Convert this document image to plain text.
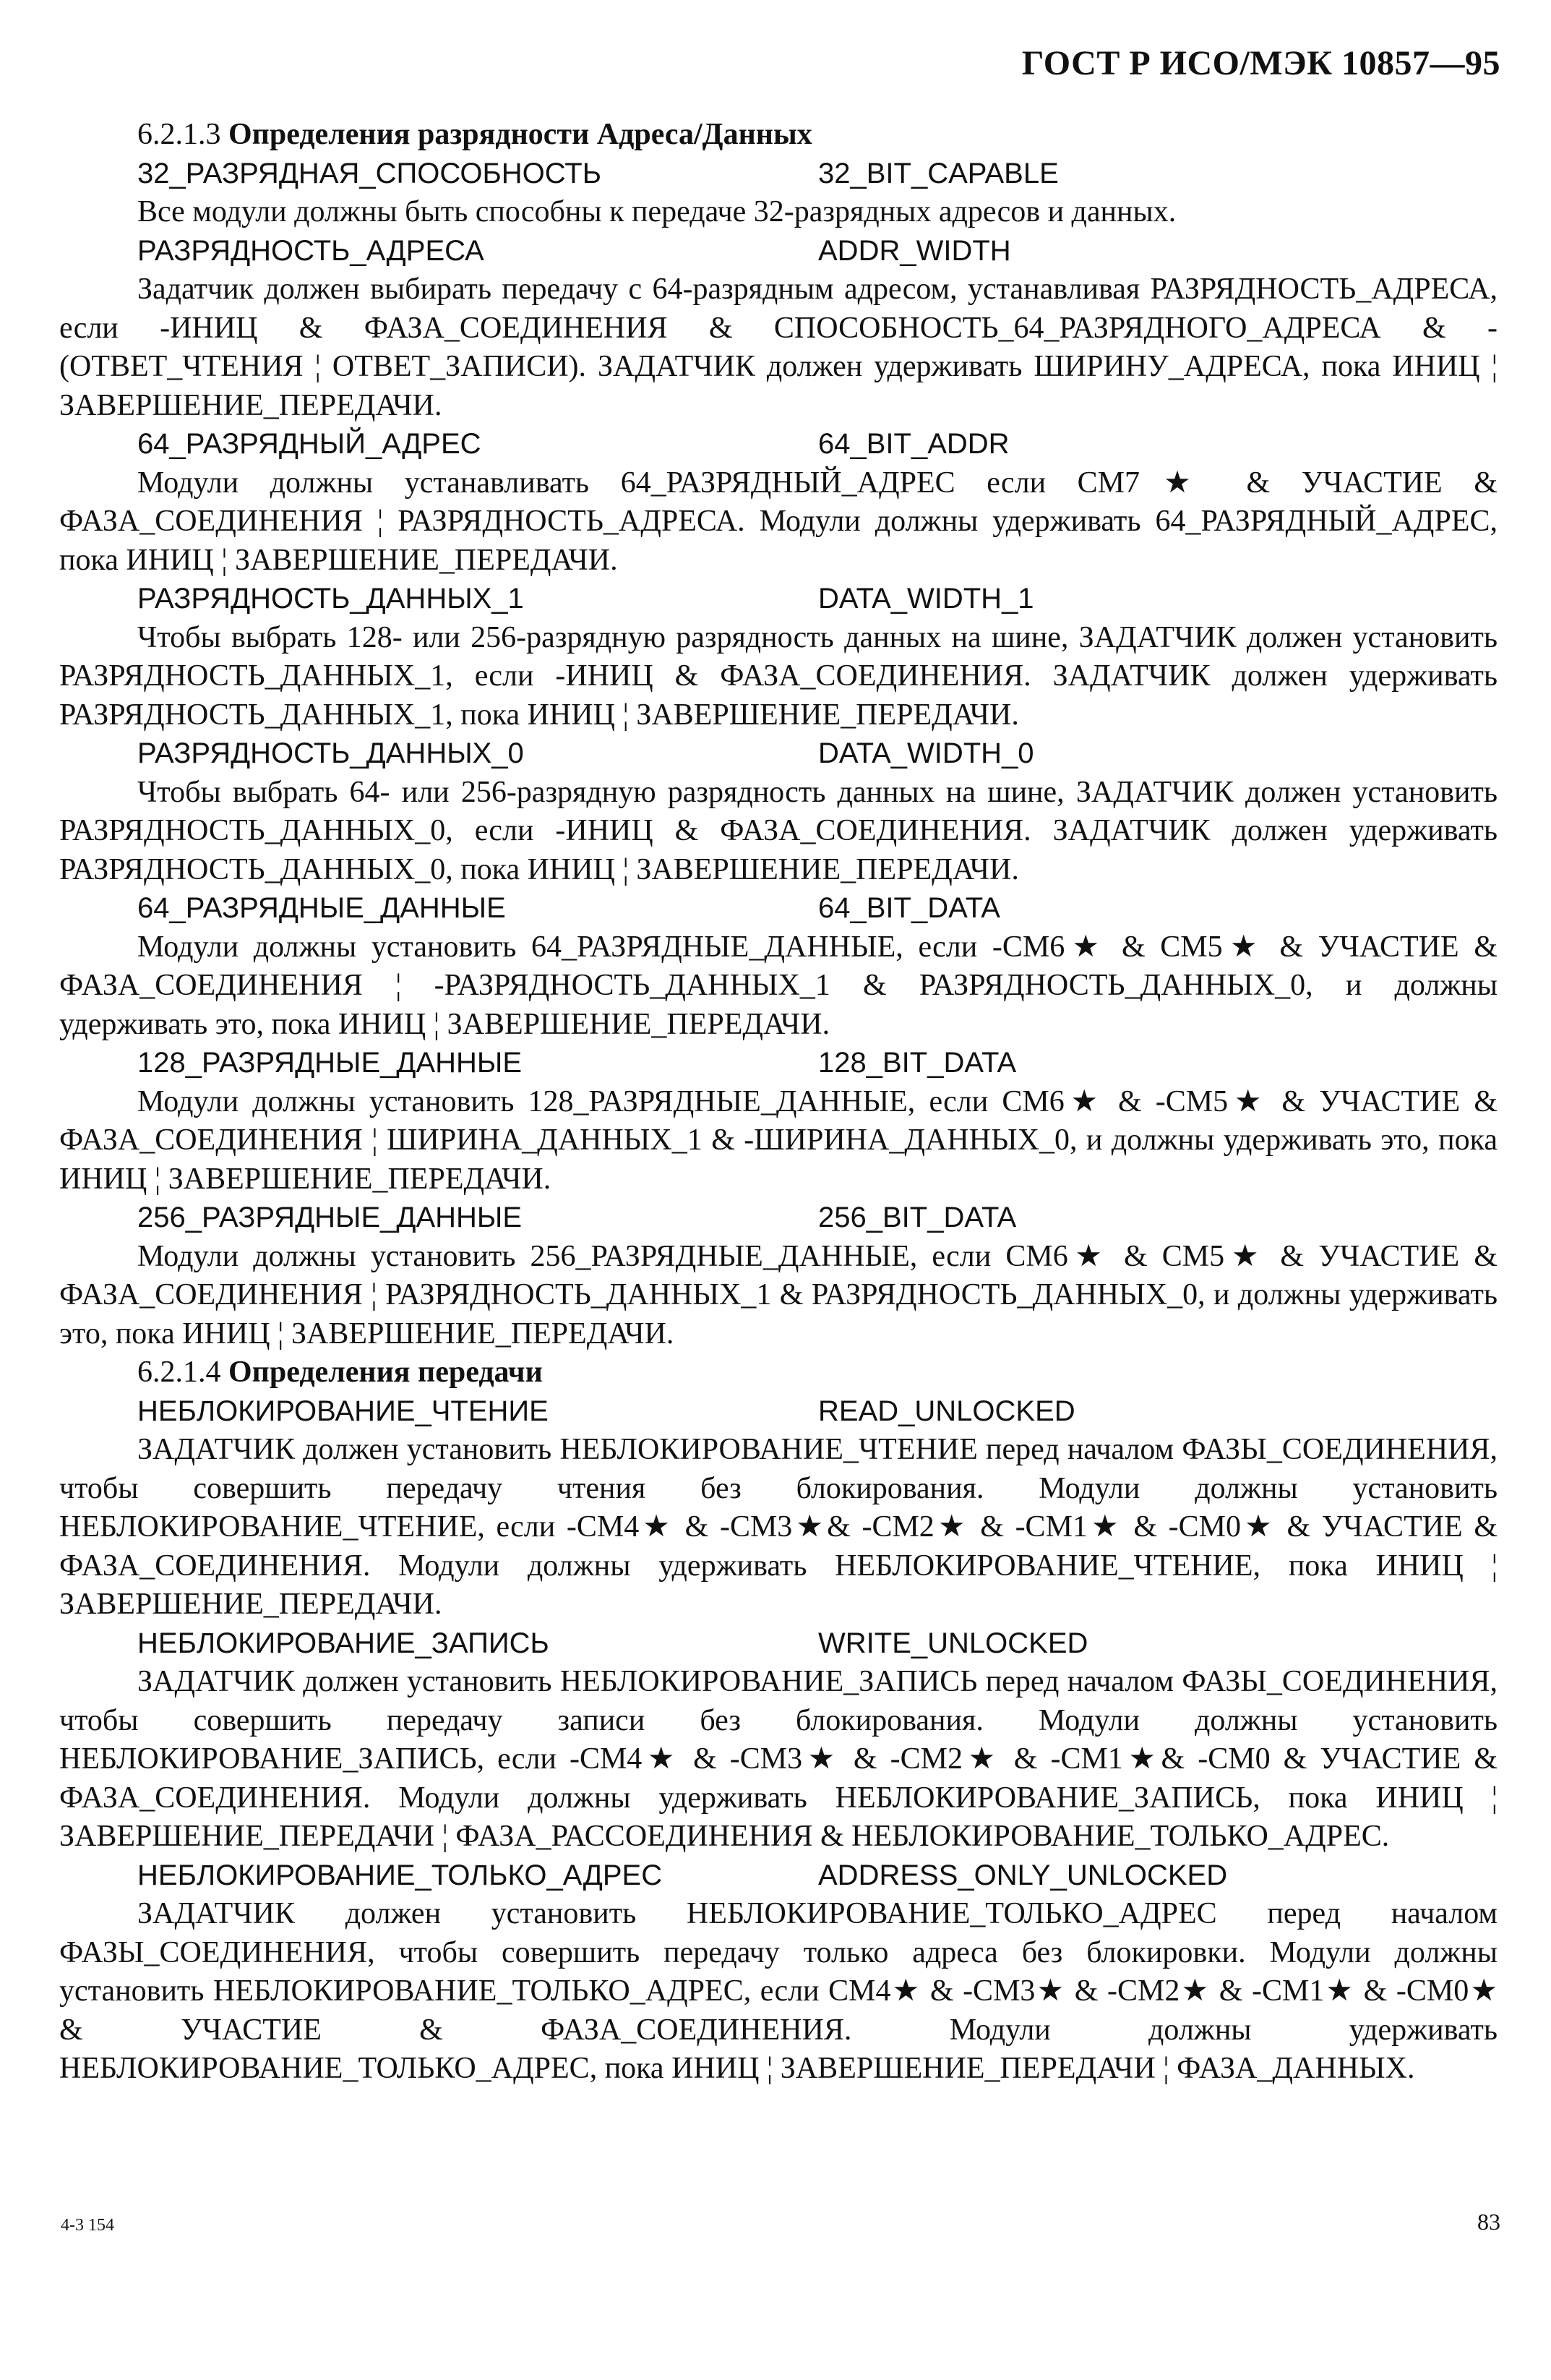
ГОСТ Р ИСО/МЭК 10857—95

6.2.1.3 Определения разрядности Адреса/Данных

32_РАЗРЯДНАЯ_СПОСОБНОСТЬ	32_BIT_CAPABLE

Все модули должны быть способны к передаче 32-разрядных адресов и данных.

РАЗРЯДНОСТЬ_АДРЕСА	ADDR_WIDTH

Задатчик должен выбирать передачу с 64-разрядным адресом, устанавливая РАЗРЯДНОСТЬ_АДРЕСА, если -ИНИЦ & ФАЗА_СОЕДИНЕНИЯ & СПОСОБНОСТЬ_64_РАЗРЯДНОГО_АДРЕСА & -(ОТВЕТ_ЧТЕНИЯ ¦ ОТВЕТ_ЗАПИСИ). ЗАДАТЧИК должен удерживать ШИРИНУ_АДРЕСА, пока ИНИЦ ¦ ЗАВЕРШЕНИЕ_ПЕРЕДАЧИ.

64_РАЗРЯДНЫЙ_АДРЕС	64_BIT_ADDR

Модули должны устанавливать 64_РАЗРЯДНЫЙ_АДРЕС если СМ7★ & УЧАСТИЕ & ФАЗА_СОЕДИНЕНИЯ ¦ РАЗРЯДНОСТЬ_АДРЕСА. Модули должны удерживать 64_РАЗРЯДНЫЙ_АДРЕС, пока ИНИЦ ¦ ЗАВЕРШЕНИЕ_ПЕРЕДАЧИ.

РАЗРЯДНОСТЬ_ДАННЫХ_1	DATA_WIDTH_1

Чтобы выбрать 128- или 256-разрядную разрядность данных на шине, ЗАДАТЧИК должен установить РАЗРЯДНОСТЬ_ДАННЫХ_1, если -ИНИЦ & ФАЗА_СОЕДИНЕНИЯ. ЗАДАТЧИК должен удерживать РАЗРЯДНОСТЬ_ДАННЫХ_1, пока ИНИЦ ¦ ЗАВЕРШЕНИЕ_ПЕРЕДАЧИ.

РАЗРЯДНОСТЬ_ДАННЫХ_0	DATA_WIDTH_0

Чтобы выбрать 64- или 256-разрядную разрядность данных на шине, ЗАДАТЧИК должен установить РАЗРЯДНОСТЬ_ДАННЫХ_0, если -ИНИЦ & ФАЗА_СОЕДИНЕНИЯ. ЗАДАТЧИК должен удерживать РАЗРЯДНОСТЬ_ДАННЫХ_0, пока ИНИЦ ¦ ЗАВЕРШЕНИЕ_ПЕРЕДАЧИ.

64_РАЗРЯДНЫЕ_ДАННЫЕ	64_BIT_DATA

Модули должны установить 64_РАЗРЯДНЫЕ_ДАННЫЕ, если -СМ6★ & СМ5★ & УЧАСТИЕ & ФАЗА_СОЕДИНЕНИЯ ¦ -РАЗРЯДНОСТЬ_ДАННЫХ_1 & РАЗРЯДНОСТЬ_ДАННЫХ_0, и должны удерживать это, пока ИНИЦ ¦ ЗАВЕРШЕНИЕ_ПЕРЕДАЧИ.

128_РАЗРЯДНЫЕ_ДАННЫЕ	128_BIT_DATA

Модули должны установить 128_РАЗРЯДНЫЕ_ДАННЫЕ, если СМ6★ & -СМ5★ & УЧАСТИЕ & ФАЗА_СОЕДИНЕНИЯ ¦ ШИРИНА_ДАННЫХ_1 & -ШИРИНА_ДАННЫХ_0, и должны удерживать это, пока ИНИЦ ¦ ЗАВЕРШЕНИЕ_ПЕРЕДАЧИ.

256_РАЗРЯДНЫЕ_ДАННЫЕ	256_BIT_DATA

Модули должны установить 256_РАЗРЯДНЫЕ_ДАННЫЕ, если СМ6★ & СМ5★ & УЧАСТИЕ & ФАЗА_СОЕДИНЕНИЯ ¦ РАЗРЯДНОСТЬ_ДАННЫХ_1 & РАЗРЯДНОСТЬ_ДАННЫХ_0, и должны удерживать это, пока ИНИЦ ¦ ЗАВЕРШЕНИЕ_ПЕРЕДАЧИ.

6.2.1.4 Определения передачи

НЕБЛОКИРОВАНИЕ_ЧТЕНИЕ	READ_UNLOCKED

ЗАДАТЧИК должен установить НЕБЛОКИРОВАНИЕ_ЧТЕНИЕ перед началом ФАЗЫ_СОЕДИНЕНИЯ, чтобы совершить передачу чтения без блокирования. Модули должны установить НЕБЛОКИРОВАНИЕ_ЧТЕНИЕ, если -СМ4★ & -СМ3★& -СМ2★ & -СМ1★ & -СМ0★ & УЧАСТИЕ & ФАЗА_СОЕДИНЕНИЯ. Модули должны удерживать НЕБЛОКИРОВАНИЕ_ЧТЕНИЕ, пока ИНИЦ ¦ ЗАВЕРШЕНИЕ_ПЕРЕДАЧИ.

НЕБЛОКИРОВАНИЕ_ЗАПИСЬ	WRITE_UNLOCKED

ЗАДАТЧИК должен установить НЕБЛОКИРОВАНИЕ_ЗАПИСЬ перед началом ФАЗЫ_СОЕДИНЕНИЯ, чтобы совершить передачу записи без блокирования. Модули должны установить НЕБЛОКИРОВАНИЕ_ЗАПИСЬ, если -СМ4★ & -СМ3★ & -СМ2★ & -СМ1★& -СМ0 & УЧАСТИЕ & ФАЗА_СОЕДИНЕНИЯ. Модули должны удерживать НЕБЛОКИРОВАНИЕ_ЗАПИСЬ, пока ИНИЦ ¦ ЗАВЕРШЕНИЕ_ПЕРЕДАЧИ ¦ ФАЗА_РАССОЕДИНЕНИЯ & НЕБЛОКИРОВАНИЕ_ТОЛЬКО_АДРЕС.

НЕБЛОКИРОВАНИЕ_ТОЛЬКО_АДРЕС	ADDRESS_ONLY_UNLOCKED

ЗАДАТЧИК должен установить НЕБЛОКИРОВАНИЕ_ТОЛЬКО_АДРЕС перед началом ФАЗЫ_СОЕДИНЕНИЯ, чтобы совершить передачу только адреса без блокировки. Модули должны установить НЕБЛОКИРОВАНИЕ_ТОЛЬКО_АДРЕС, если СМ4★ & -СМ3★ & -СМ2★ & -СМ1★ & -СМ0★ & УЧАСТИЕ & ФАЗА_СОЕДИНЕНИЯ. Модули должны удерживать НЕБЛОКИРОВАНИЕ_ТОЛЬКО_АДРЕС, пока ИНИЦ ¦ ЗАВЕРШЕНИЕ_ПЕРЕДАЧИ ¦ ФАЗА_ДАННЫХ.

4-3 154	83
